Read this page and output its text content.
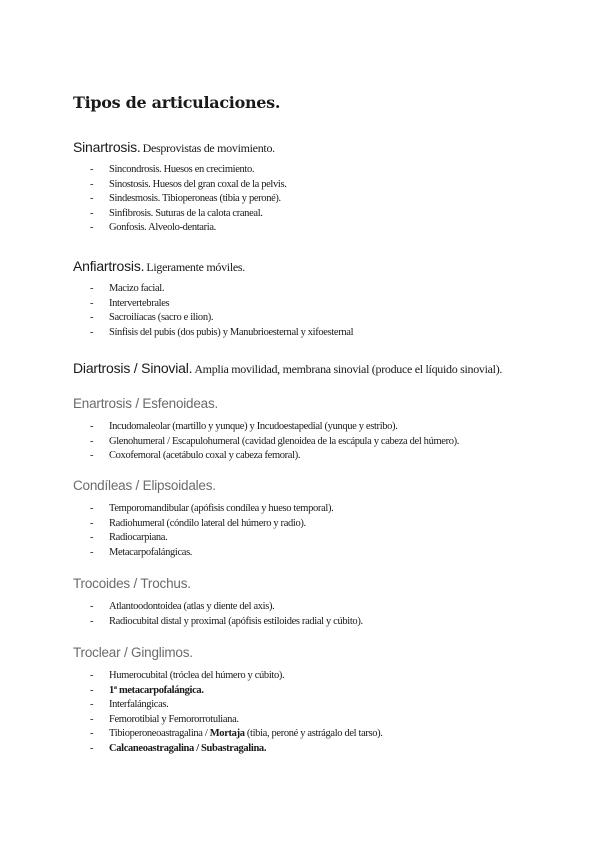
Tipos de articulaciones.
Sinartrosis. Desprovistas de movimiento.
- Sincondrosis. Huesos en crecimiento.
- Sinostosis. Huesos del gran coxal de la pelvis.
- Sindesmosis. Tibioperoneas (tibia y peroné).
- Sinfibrosis. Suturas de la calota craneal.
- Gonfosis. Alveolo-dentaria.
Anfiartrosis. Ligeramente móviles.
- Macizo facial.
- Intervertebrales
- Sacroilíacas (sacro e ilion).
- Sínfisis del pubis (dos pubis) y Manubrioesternal y xifoesternal
Diartrosis / Sinovial. Amplia movilidad, membrana sinovial (produce el líquido sinovial).
Enartrosis / Esfenoideas.
- Incudomaleolar (martillo y yunque) y Incudoestapedial (yunque y estribo).
- Glenohumeral / Escapulohumeral (cavidad glenoidea de la escápula y cabeza del húmero).
- Coxofemoral (acetábulo coxal y cabeza femoral).
Condíleas / Elipsoidales.
- Temporomandibular (apófisis condílea y hueso temporal).
- Radiohumeral (cóndilo lateral del húmero y radio).
- Radiocarpiana.
- Metacarpofalángicas.
Trocoides / Trochus.
- Atlantoodontoidea (atlas y diente del axis).
- Radiocubital distal y proximal (apófisis estiloides radial y cúbito).
Troclear / Ginglimos.
- Humerocubital (tróclea del húmero y cúbito).
- 1ª metacarpofalángica.
- Interfalángicas.
- Femorotibial y Femororrotuliana.
- Tibioperoneoastragalina / Mortaja (tibia, peroné y astrágalo del tarso).
- Calcaneoastragalina / Subastragalina.
